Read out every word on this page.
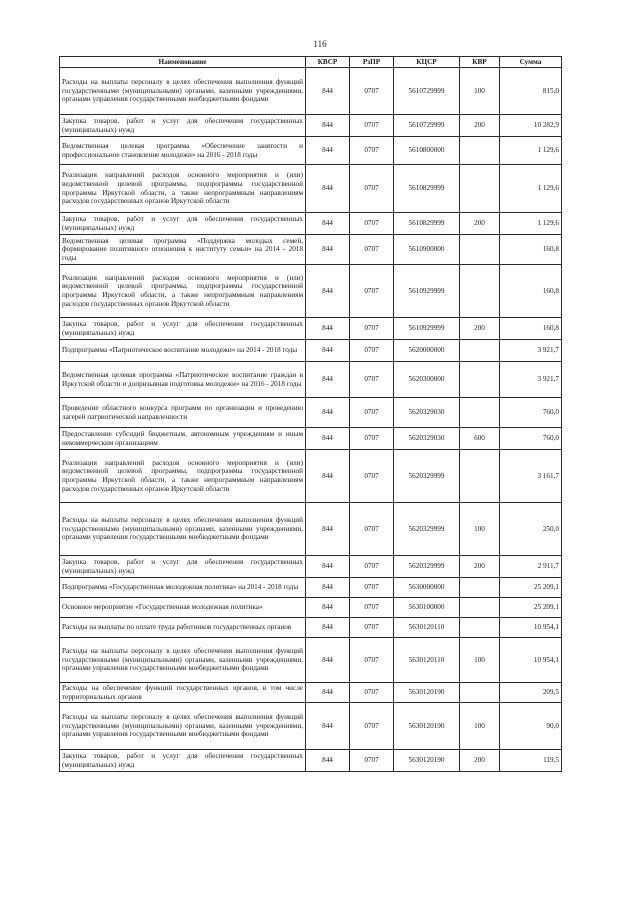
116
Наименование	КВСР	РзПР	КЦСР	КВР	Сумма
Расходы на выплаты персоналу в целях обеспечения выполнения функций государственными (муниципальными) органами, казенными учреждениями, органами управления государственными внебюджетными фондами	844	0707	5610729999	100	815,0
Закупка товаров, работ и услуг для обеспечения государственных (муниципальных) нужд	844	0707	5610729999	200	10 282,9
Ведомственная целевая программа «Обеспечение занятости и профессиональное становление молодежи» на 2016 - 2018 годы	844	0707	5610800000		1 129,6
Реализация направлений расходов основного мероприятия и (или) ведомственной целевой программы, подпрограммы государственной программы Иркутской области, а также непрограммным направлениям расходов государственных органов Иркутской области	844	0707	5610829999		1 129,6
Закупка товаров, работ и услуг для обеспечения государственных (муниципальных) нужд	844	0707	5610829999	200	1 129,6
Ведомственная целевая программа «Поддержка молодых семей, формирование позитивного отношения к институту семьи» на 2014 - 2018 годы	844	0707	5610900000		160,8
Реализация направлений расходов основного мероприятия и (или) ведомственной целевой программы, подпрограммы государственной программы Иркутской области, а также непрограммным направлениям расходов государственных органов Иркутской области	844	0707	5610929999		160,8
Закупка товаров, работ и услуг для обеспечения государственных (муниципальных) нужд	844	0707	5610929999	200	160,8
Подпрограмма «Патриотическое воспитание молодежи» на 2014 - 2018 годы	844	0707	5620000000		3 921,7
Ведомственная целевая программа «Патриотическое воспитание граждан в Иркутской области и допризывная подготовка молодежи» на 2016 - 2018 годы	844	0707	5620300000		3 921,7
Проведение областного конкурса программ по организации и проведению лагерей патриотической направленности	844	0707	5620329030		760,0
Предоставление субсидий бюджетным, автономным учреждениям и иным некоммерческим организациям	844	0707	5620329030	600	760,0
Реализация направлений расходов основного мероприятия и (или) ведомственной целевой программы, подпрограммы государственной программы Иркутской области, а также непрограммным направлениям расходов государственных органов Иркутской области	844	0707	5620329999		3 161,7
Расходы на выплаты персоналу в целях обеспечения выполнения функций государственными (муниципальными) органами, казенными учреждениями, органами управления государственными внебюджетными фондами	844	0707	5620329999	100	250,0
Закупка товаров, работ и услуг для обеспечения государственных (муниципальных) нужд	844	0707	5620329999	200	2 911,7
Подпрограмма «Государственная молодежная политика» на 2014 - 2018 годы	844	0707	5630000000		25 209,1
Основное мероприятие «Государственная молодежная политика»	844	0707	5630100000		25 209,1
Расходы на выплаты по оплате труда работников государственных органов	844	0707	5630120110		10 954,1
Расходы на выплаты персоналу в целях обеспечения выполнения функций государственными (муниципальными) органами, казенными учреждениями, органами управления государственными внебюджетными фондами	844	0707	5630120110	100	10 954,1
Расходы на обеспечение функций государственных органов, в том числе территориальных органов	844	0707	5630120190		209,5
Расходы на выплаты персоналу в целях обеспечения выполнения функций государственными (муниципальными) органами, казенными учреждениями, органами управления государственными внебюджетными фондами	844	0707	5630120190	100	90,0
Закупка товаров, работ и услуг для обеспечения государственных (муниципальных) нужд	844	0707	5630120190	200	119,5
